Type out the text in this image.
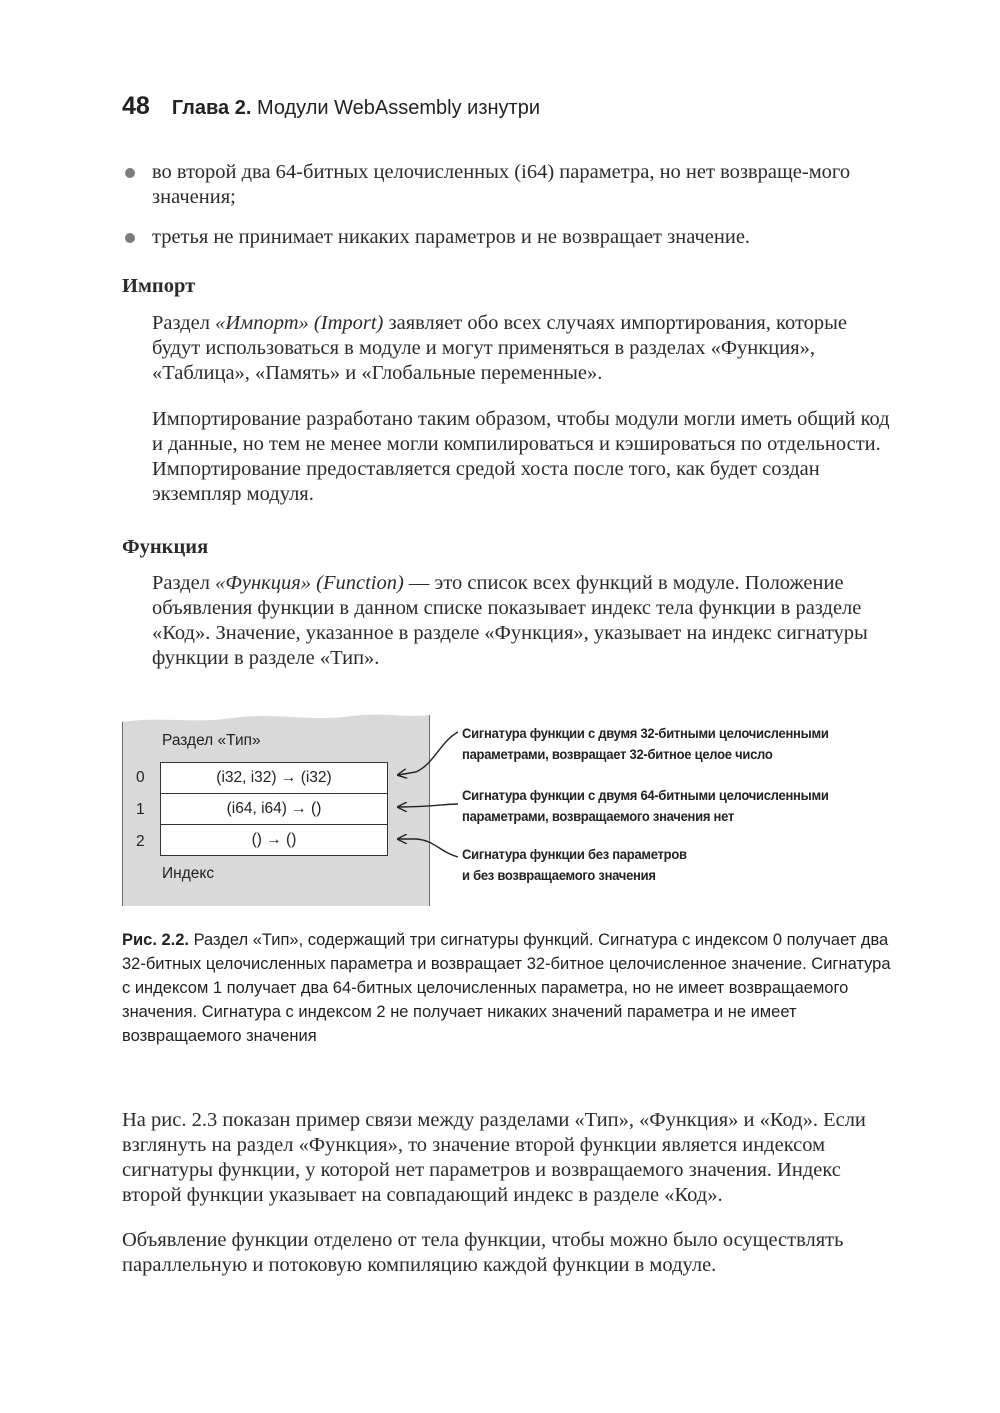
48 Глава 2. Модули WebAssembly изнутри
во второй два 64-битных целочисленных (i64) параметра, но нет возвраще-мого значения;
третья не принимает никаких параметров и не возвращает значение.
Импорт

Раздел «Импорт» (Import) заявляет обо всех случаях импортирования, которые будут использоваться в модуле и могут применяться в разделах «Функция», «Таблица», «Память» и «Глобальные переменные».

Импортирование разработано таким образом, чтобы модули могли иметь общий код и данные, но тем не менее могли компилироваться и кэшироваться по отдельности. Импортирование предоставляется средой хоста после того, как будет создан экземпляр модуля.

Функция

Раздел «Функция» (Function) — это список всех функций в модуле. Положение объявления функции в данном списке показывает индекс тела функции в разделе «Код». Значение, указанное в разделе «Функция», указывает на индекс сигнатуры функции в разделе «Тип».

Раздел «Тип»
0
1
2
(i32, i32) → (i32)
(i64, i64) → ()
() → ()
Индекс
Сигнатура функции с двумя 32-битными целочисленными
параметрами, возвращает 32-битное целое число
Сигнатура функции с двумя 64-битными целочисленными
параметрами, возвращаемого значения нет
Сигнатура функции без параметров
и без возвращаемого значения

Рис. 2.2. Раздел «Тип», содержащий три сигнатуры функций. Сигнатура с индексом 0 получает два 32-битных целочисленных параметра и возвращает 32-битное целочисленное значение. Сигнатура с индексом 1 получает два 64-битных целочисленных параметра, но не имеет возвращаемого значения. Сигнатура с индексом 2 не получает никаких значений параметра и не имеет возвращаемого значения

На рис. 2.3 показан пример связи между разделами «Тип», «Функция» и «Код». Если взглянуть на раздел «Функция», то значение второй функции является индексом сигнатуры функции, у которой нет параметров и возвращаемого значения. Индекс второй функции указывает на совпадающий индекс в разделе «Код».

Объявление функции отделено от тела функции, чтобы можно было осуществлять параллельную и потоковую компиляцию каждой функции в модуле.
